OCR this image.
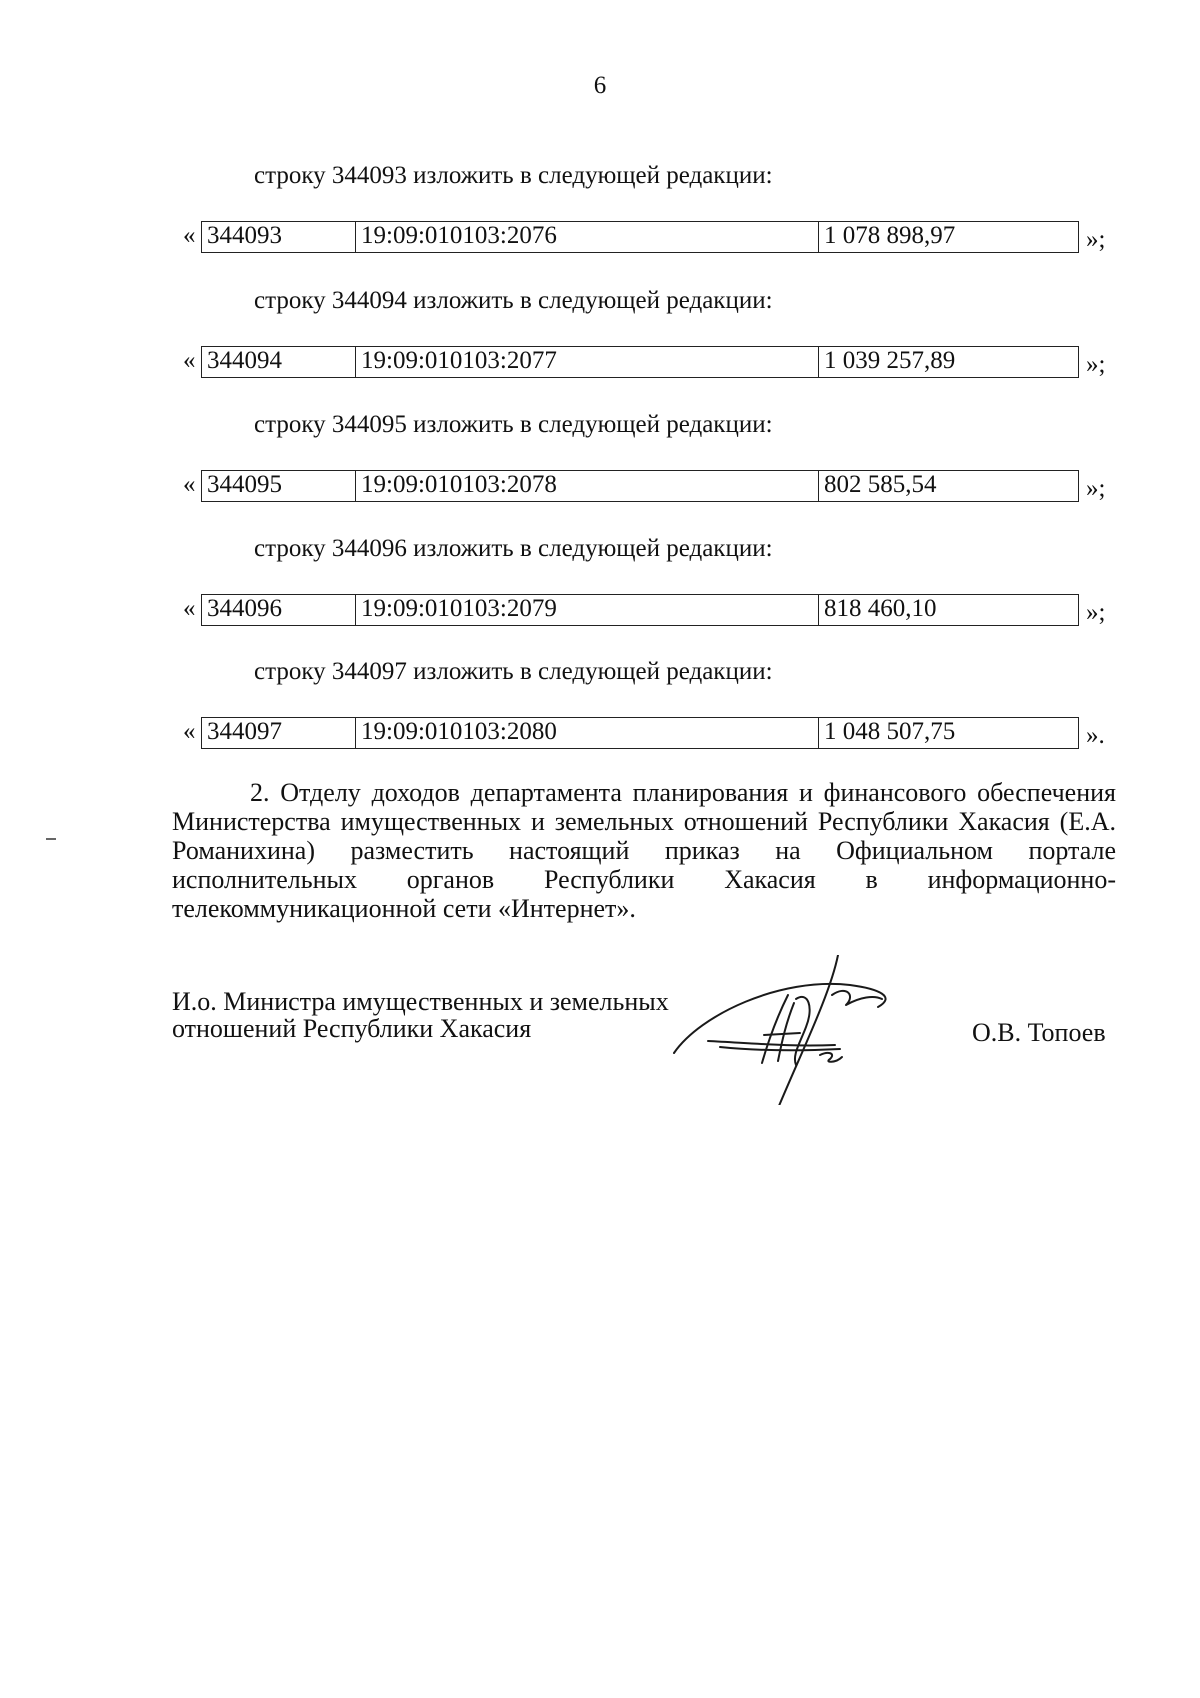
6
строку 344093 изложить в следующей редакции:
« 344093	19:09:010103:2076	1 078 898,97	»;
строку 344094 изложить в следующей редакции:
« 344094	19:09:010103:2077	1 039 257,89	»;
строку 344095 изложить в следующей редакции:
« 344095	19:09:010103:2078	802 585,54	»;
строку 344096 изложить в следующей редакции:
« 344096	19:09:010103:2079	818 460,10	»;
строку 344097 изложить в следующей редакции:
« 344097	19:09:010103:2080	1 048 507,75	».
2. Отделу доходов департамента планирования и финансового обеспечения Министерства имущественных и земельных отношений Республики Хакасия (Е.А. Романихина) разместить настоящий приказ на Официальном портале исполнительных органов Республики Хакасия в информационно-телекоммуникационной сети «Интернет».
И.о. Министра имущественных и земельных
отношений Республики Хакасия	О.В. Топоев
